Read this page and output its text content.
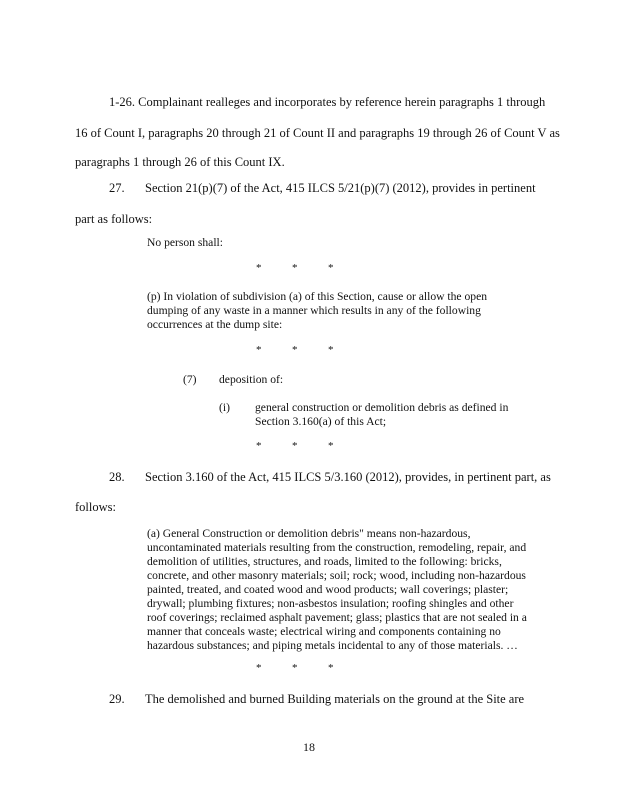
1-26. Complainant realleges and incorporates by reference herein paragraphs 1 through
16 of Count I, paragraphs 20 through 21 of Count II and paragraphs 19 through 26 of Count V as
paragraphs 1 through 26 of this Count IX.
27. Section 21(p)(7) of the Act, 415 ILCS 5/21(p)(7) (2012), provides in pertinent
part as follows:
No person shall:
*	*	*
(p) In violation of subdivision (a) of this Section, cause or allow the open
dumping of any waste in a manner which results in any of the following
occurrences at the dump site:
*	*	*
(7) deposition of:
(i) general construction or demolition debris as defined in
Section 3.160(a) of this Act;
*	*	*
28. Section 3.160 of the Act, 415 ILCS 5/3.160 (2012), provides, in pertinent part, as
follows:
(a) General Construction or demolition debris" means non-hazardous,
uncontaminated materials resulting from the construction, remodeling, repair, and
demolition of utilities, structures, and roads, limited to the following: bricks,
concrete, and other masonry materials; soil; rock; wood, including non-hazardous
painted, treated, and coated wood and wood products; wall coverings; plaster;
drywall; plumbing fixtures; non-asbestos insulation; roofing shingles and other
roof coverings; reclaimed asphalt pavement; glass; plastics that are not sealed in a
manner that conceals waste; electrical wiring and components containing no
hazardous substances; and piping metals incidental to any of those materials. …
*	*	*
29. The demolished and burned Building materials on the ground at the Site are
18
